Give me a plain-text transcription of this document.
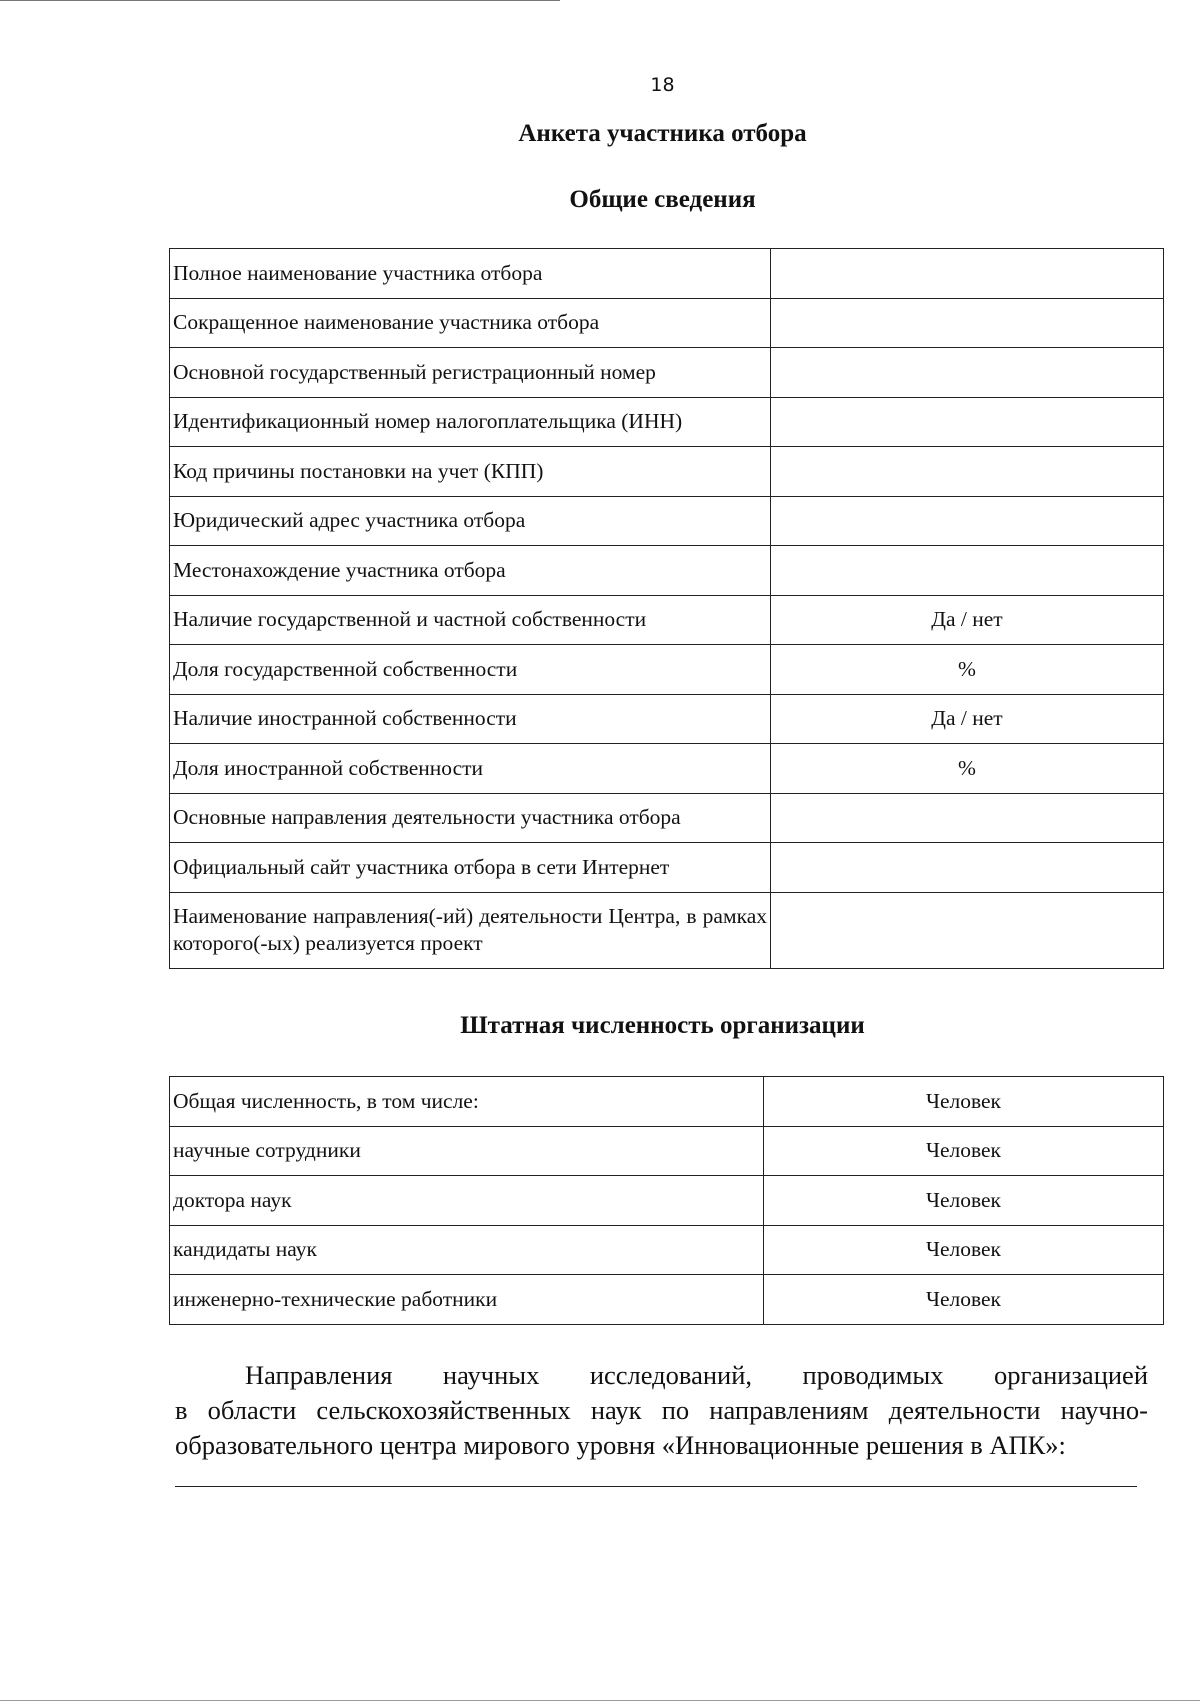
18
Анкета участника отбора
Общие сведения
Полное наименование участника отбора	
Сокращенное наименование участника отбора	
Основной государственный регистрационный номер	
Идентификационный номер налогоплательщика (ИНН)	
Код причины постановки на учет (КПП)	
Юридический адрес участника отбора	
Местонахождение участника отбора	
Наличие государственной и частной собственности	Да / нет
Доля государственной собственности	%
Наличие иностранной собственности	Да / нет
Доля иностранной собственности	%
Основные направления деятельности участника отбора	
Официальный сайт участника отбора в сети Интернет	
Наименование направления(-ий) деятельности Центра, в рамках которого(-ых) реализуется проект	
Штатная численность организации
Общая численность, в том числе:	Человек
научные сотрудники	Человек
доктора наук	Человек
кандидаты наук	Человек
инженерно-технические работники	Человек
Направления научных исследований, проводимых организацией
в области сельскохозяйственных наук по направлениям деятельности научно-образовательного центра мирового уровня «Инновационные решения в АПК»:
